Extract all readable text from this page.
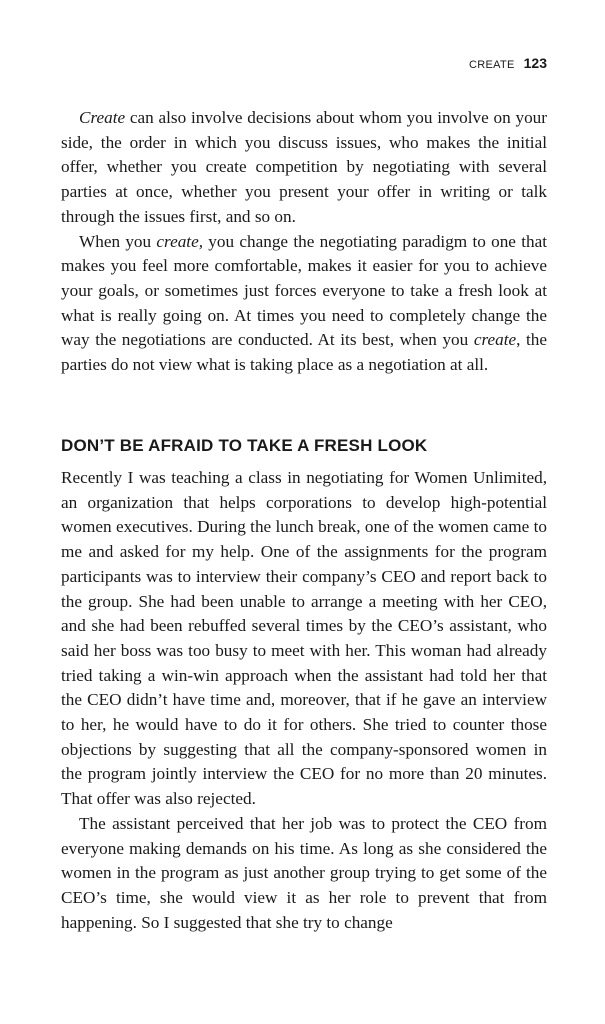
CREATE 123

Create can also involve decisions about whom you involve on your side, the order in which you discuss issues, who makes the initial offer, whether you create competition by negotiating with several parties at once, whether you present your offer in writing or talk through the issues first, and so on.

When you create, you change the negotiating paradigm to one that makes you feel more comfortable, makes it easier for you to achieve your goals, or sometimes just forces everyone to take a fresh look at what is really going on. At times you need to completely change the way the negotiations are conducted. At its best, when you create, the parties do not view what is taking place as a negotiation at all.

DON’T BE AFRAID TO TAKE A FRESH LOOK

Recently I was teaching a class in negotiating for Women Unlimited, an organization that helps corporations to develop high-potential women executives. During the lunch break, one of the women came to me and asked for my help. One of the assignments for the program participants was to interview their company’s CEO and report back to the group. She had been unable to arrange a meeting with her CEO, and she had been rebuffed several times by the CEO’s assistant, who said her boss was too busy to meet with her. This woman had already tried taking a win-win approach when the assistant had told her that the CEO didn’t have time and, moreover, that if he gave an interview to her, he would have to do it for others. She tried to counter those objections by suggesting that all the company-sponsored women in the program jointly interview the CEO for no more than 20 minutes. That offer was also rejected.

The assistant perceived that her job was to protect the CEO from everyone making demands on his time. As long as she considered the women in the program as just another group trying to get some of the CEO’s time, she would view it as her role to prevent that from happening. So I suggested that she try to change
